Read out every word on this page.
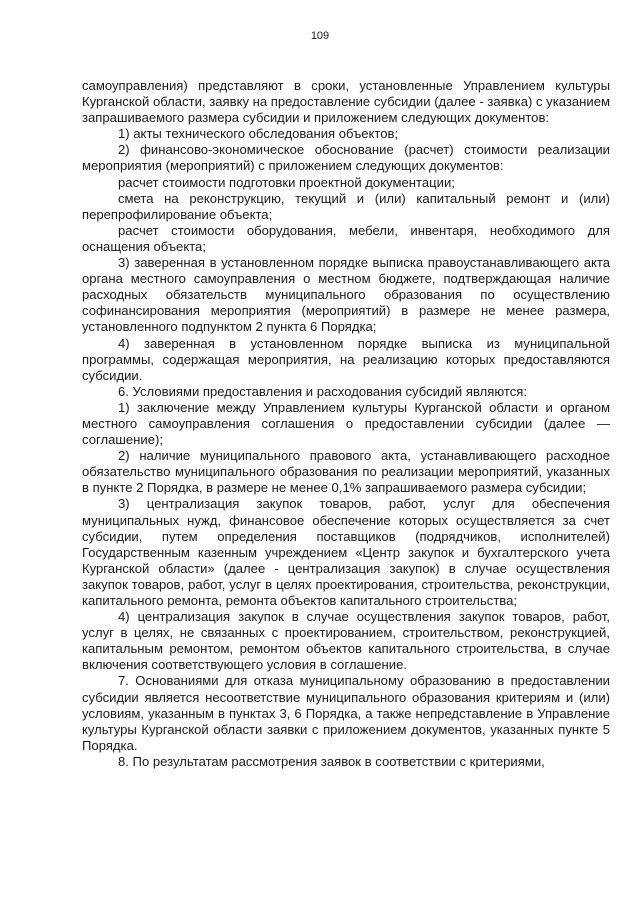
109

самоуправления) представляют в сроки, установленные Управлением культуры Курганской области, заявку на предоставление субсидии (далее - заявка) с указанием запрашиваемого размера субсидии и приложением следующих документов:

1) акты технического обследования объектов;

2) финансово-экономическое обоснование (расчет) стоимости реализации мероприятия (мероприятий) с приложением следующих документов:

расчет стоимости подготовки проектной документации;

смета на реконструкцию, текущий и (или) капитальный ремонт и (или) перепрофилирование объекта;

расчет стоимости оборудования, мебели, инвентаря, необходимого для оснащения объекта;

3) заверенная в установленном порядке выписка правоустанавливающего акта органа местного самоуправления о местном бюджете, подтверждающая наличие расходных обязательств муниципального образования по осуществлению софинансирования мероприятия (мероприятий) в размере не менее размера, установленного подпунктом 2 пункта 6 Порядка;

4) заверенная в установленном порядке выписка из муниципальной программы, содержащая мероприятия, на реализацию которых предоставляются субсидии.

6. Условиями предоставления и расходования субсидий являются:

1) заключение между Управлением культуры Курганской области и органом местного самоуправления соглашения о предоставлении субсидии (далее — соглашение);

2) наличие муниципального правового акта, устанавливающего расходное обязательство муниципального образования по реализации мероприятий, указанных в пункте 2 Порядка, в размере не менее 0,1% запрашиваемого размера субсидии;

3) централизация закупок товаров, работ, услуг для обеспечения муниципальных нужд, финансовое обеспечение которых осуществляется за счет субсидии, путем определения поставщиков (подрядчиков, исполнителей) Государственным казенным учреждением «Центр закупок и бухгалтерского учета Курганской области» (далее - централизация закупок) в случае осуществления закупок товаров, работ, услуг в целях проектирования, строительства, реконструкции, капитального ремонта, ремонта объектов капитального строительства;

4) централизация закупок в случае осуществления закупок товаров, работ, услуг в целях, не связанных с проектированием, строительством, реконструкцией, капитальным ремонтом, ремонтом объектов капитального строительства, в случае включения соответствующего условия в соглашение.

7. Основаниями для отказа муниципальному образованию в предоставлении субсидии является несоответствие муниципального образования критериям и (или) условиям, указанным в пунктах 3, 6 Порядка, а также непредставление в Управление культуры Курганской области заявки с приложением документов, указанных пункте 5 Порядка.

8. По результатам рассмотрения заявок в соответствии с критериями,
